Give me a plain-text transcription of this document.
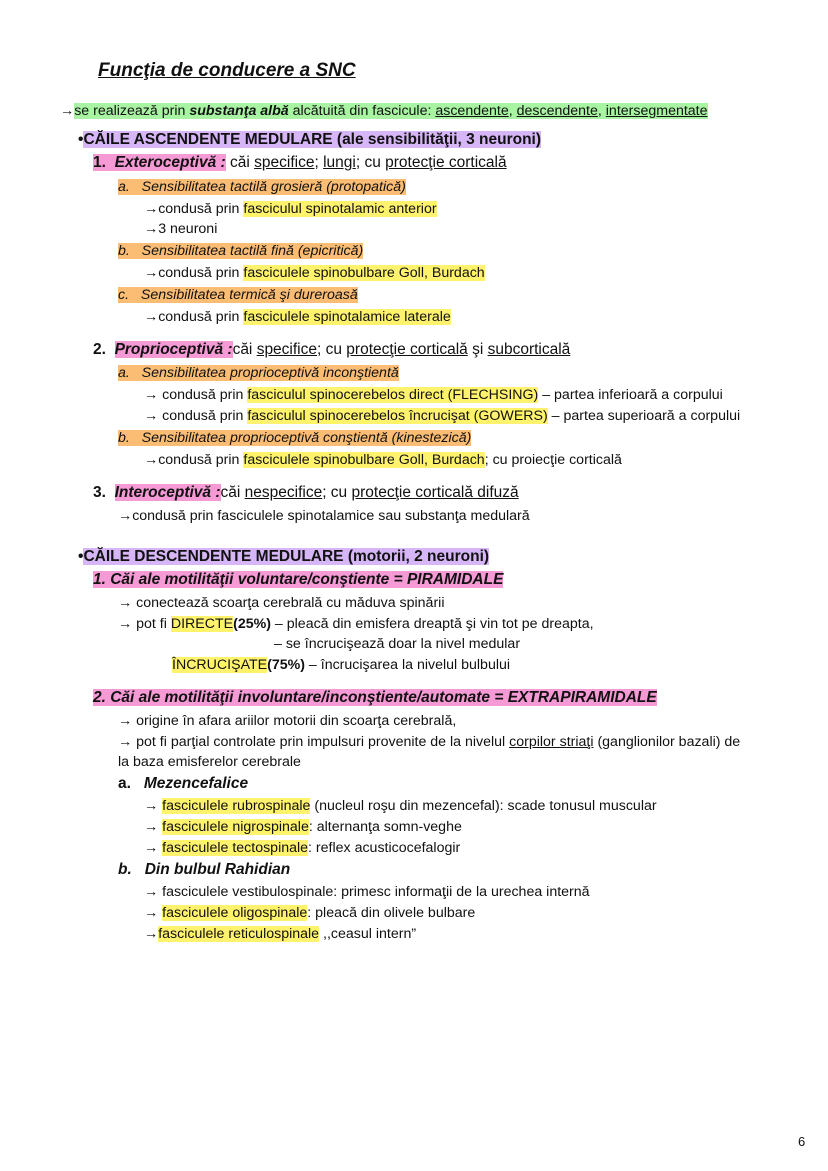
Funcţia de conducere a SNC
→se realizează prin substanţa albă alcătuită din fascicule: ascendente, descendente, intersegmentate
•CĂILE ASCENDENTE MEDULARE (ale sensibilităţii, 3 neuroni)
1. Exteroceptivă : căi specifice; lungi; cu protecţie corticală
a. Sensibilitatea tactilă grosieră (protopatică)
→condusă prin fasciculul spinotalamic anterior
→3 neuroni
b. Sensibilitatea tactilă fină (epicritică)
→condusă prin fasciculele spinobulbare Goll, Burdach
c. Sensibilitatea termică şi dureroasă
→condusă prin fasciculele spinotalamice laterale
2. Proprioceptivă :căi specifice; cu protecţie corticală şi subcorticală
a. Sensibilitatea proprioceptivă inconştientă
→ condusă prin fasciculul spinocerebelos direct (FLECHSING) – partea inferioară a corpului
→ condusă prin fasciculul spinocerebelos încrucişat (GOWERS) – partea superioară a corpului
b. Sensibilitatea proprioceptivă conştientă (kinestezică)
→condusă prin fasciculele spinobulbare Goll, Burdach; cu proiecţie corticală
3. Interoceptivă :căi nespecifice; cu protecţie corticală difuză
→condusă prin fasciculele spinotalamice sau substanţa medulară
•CĂILE DESCENDENTE MEDULARE (motorii, 2 neuroni)
1. Căi ale motilităţii voluntare/conştiente = PIRAMIDALE
→ conectează scoarţa cerebrală cu măduva spinării
→ pot fi DIRECTE(25%) – pleacă din emisfera dreaptă şi vin tot pe dreapta,
– se încrucişează doar la nivel medular
ÎNCRUCIŞATE(75%) – încrucişarea la nivelul bulbului
2. Căi ale motilităţii involuntare/inconştiente/automate = EXTRAPIRAMIDALE
→ origine în afara ariilor motorii din scoarţa cerebrală,
→ pot fi parţial controlate prin impulsuri provenite de la nivelul corpilor striaţi (ganglionilor bazali) de
la baza emisferelor cerebrale
a. Mezencefalice
→ fasciculele rubrospinale (nucleul roşu din mezencefal): scade tonusul muscular
→ fasciculele nigrospinale: alternanţa somn-veghe
→ fasciculele tectospinale: reflex acusticocefalogir
b. Din bulbul Rahidian
→ fasciculele vestibulospinale: primesc informaţii de la urechea internă
→ fasciculele oligospinale: pleacă din olivele bulbare
→fasciculele reticulospinale ,,ceasul intern”
6
